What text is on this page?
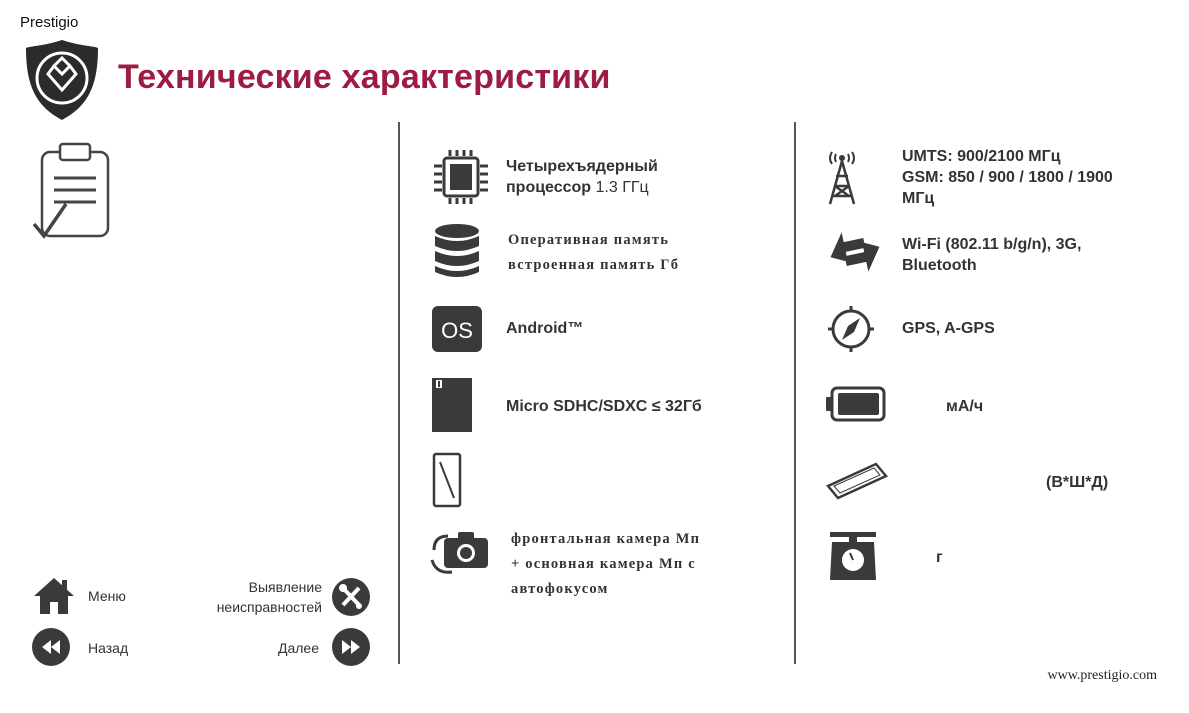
Prestigio
Технические характеристики
Четырехъядерный
процессор 1.3 ГГц
Оперативная память
встроенная память Гб
OS Android™
Micro SDHC/SDXC ≤ 32Гб
фронтальная камера Мп
+ основная камера Мп с
автофокусом
UMTS: 900/2100 МГц
GSM: 850 / 900 / 1800 / 1900
МГц
Wi-Fi (802.11 b/g/n), 3G,
Bluetooth
GPS, A-GPS
мА/ч
(В*Ш*Д)
г
Меню
Выявление
неисправностей
Назад	Далее
www.prestigio.com
